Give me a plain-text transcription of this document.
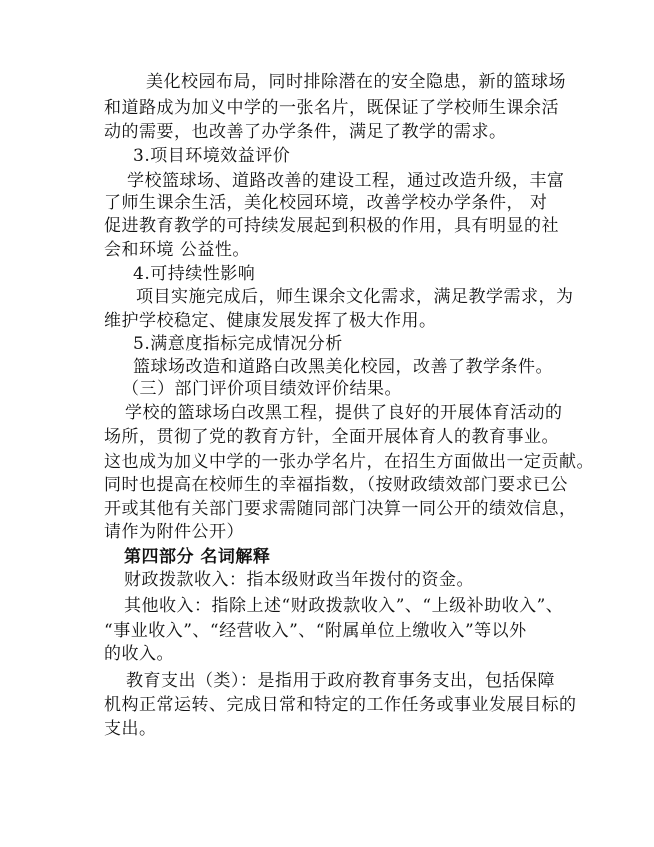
美化校园布局，同时排除潜在的安全隐患，新的篮球场

和道路成为加义中学的一张名片，既保证了学校师生课余活

动的需要，也改善了办学条件，满足了教学的需求。

3.项目环境效益评价

学校篮球场、道路改善的建设工程，通过改造升级，丰富

了师生课余生活，美化校园环境，改善学校办学条件， 对

促进教育教学的可持续发展起到积极的作用，具有明显的社

会和环境 公益性。

4.可持续性影响

项目实施完成后，师生课余文化需求，满足教学需求，为

维护学校稳定、健康发展发挥了极大作用。

5.满意度指标完成情况分析

篮球场改造和道路白改黑美化校园，改善了教学条件。

（三）部门评价项目绩效评价结果。

学校的篮球场白改黑工程，提供了良好的开展体育活动的

场所，贯彻了党的教育方针，全面开展体育人的教育事业。

这也成为加义中学的一张办学名片，在招生方面做出一定贡献。

同时也提高在校师生的幸福指数，（按财政绩效部门要求已公

开或其他有关部门要求需随同部门决算一同公开的绩效信息，

请作为附件公开）

第四部分 名词解释

财政拨款收入：指本级财政当年拨付的资金。

其他收入：指除上述“财政拨款收入”、“上级补助收入”、

“事业收入”、“经营收入”、“附属单位上缴收入”等以外

的收入。

教育支出（类）：是指用于政府教育事务支出，包括保障

机构正常运转、完成日常和特定的工作任务或事业发展目标的

支出。
